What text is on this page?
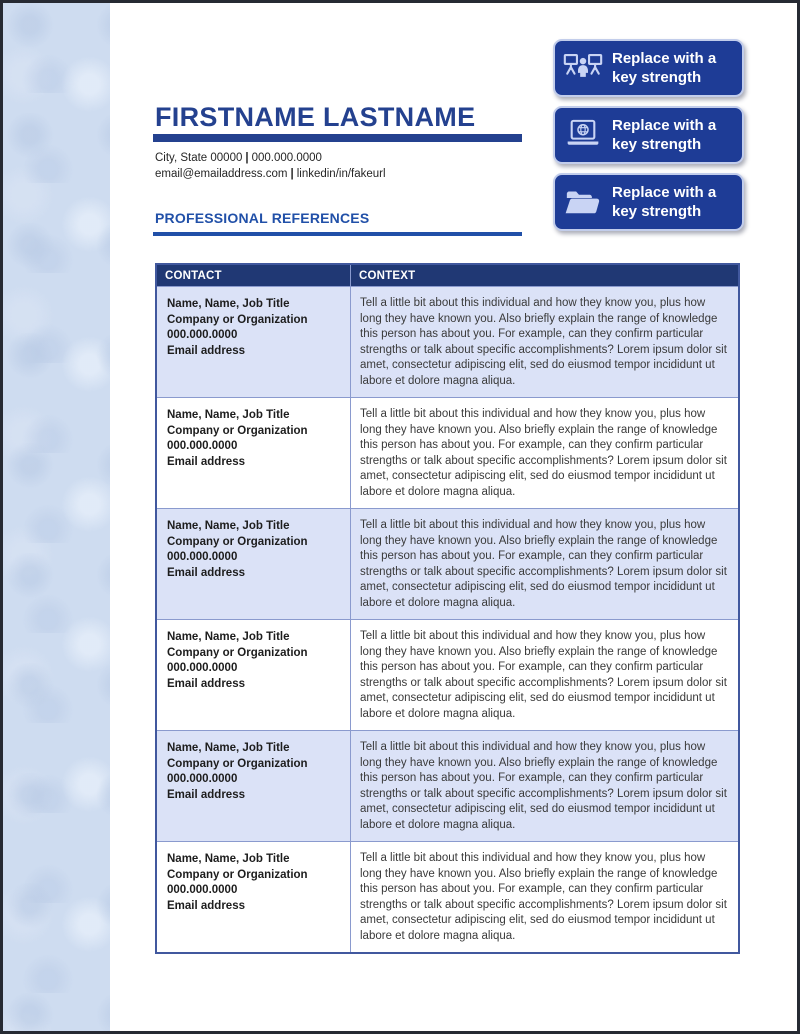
FIRSTNAME LASTNAME
City, State 00000 | 000.000.0000
email@emailaddress.com | linkedin/in/fakeurl
PROFESSIONAL REFERENCES
Replace with a
key strength
Replace with a
key strength
Replace with a
key strength
CONTACT	CONTEXT
Name, Name, Job Title
Company or Organization
000.000.0000
Email address
Tell a little bit about this individual and how they know you, plus how long they have known you. Also briefly explain the range of knowledge this person has about you. For example, can they confirm particular strengths or talk about specific accomplishments? Lorem ipsum dolor sit amet, consectetur adipiscing elit, sed do eiusmod tempor incididunt ut labore et dolore magna aliqua.
Name, Name, Job Title
Company or Organization
000.000.0000
Email address
Tell a little bit about this individual and how they know you, plus how long they have known you. Also briefly explain the range of knowledge this person has about you. For example, can they confirm particular strengths or talk about specific accomplishments? Lorem ipsum dolor sit amet, consectetur adipiscing elit, sed do eiusmod tempor incididunt ut labore et dolore magna aliqua.
Name, Name, Job Title
Company or Organization
000.000.0000
Email address
Tell a little bit about this individual and how they know you, plus how long they have known you. Also briefly explain the range of knowledge this person has about you. For example, can they confirm particular strengths or talk about specific accomplishments? Lorem ipsum dolor sit amet, consectetur adipiscing elit, sed do eiusmod tempor incididunt ut labore et dolore magna aliqua.
Name, Name, Job Title
Company or Organization
000.000.0000
Email address
Tell a little bit about this individual and how they know you, plus how long they have known you. Also briefly explain the range of knowledge this person has about you. For example, can they confirm particular strengths or talk about specific accomplishments? Lorem ipsum dolor sit amet, consectetur adipiscing elit, sed do eiusmod tempor incididunt ut labore et dolore magna aliqua.
Name, Name, Job Title
Company or Organization
000.000.0000
Email address
Tell a little bit about this individual and how they know you, plus how long they have known you. Also briefly explain the range of knowledge this person has about you. For example, can they confirm particular strengths or talk about specific accomplishments? Lorem ipsum dolor sit amet, consectetur adipiscing elit, sed do eiusmod tempor incididunt ut labore et dolore magna aliqua.
Name, Name, Job Title
Company or Organization
000.000.0000
Email address
Tell a little bit about this individual and how they know you, plus how long they have known you. Also briefly explain the range of knowledge this person has about you. For example, can they confirm particular strengths or talk about specific accomplishments? Lorem ipsum dolor sit amet, consectetur adipiscing elit, sed do eiusmod tempor incididunt ut labore et dolore magna aliqua.
